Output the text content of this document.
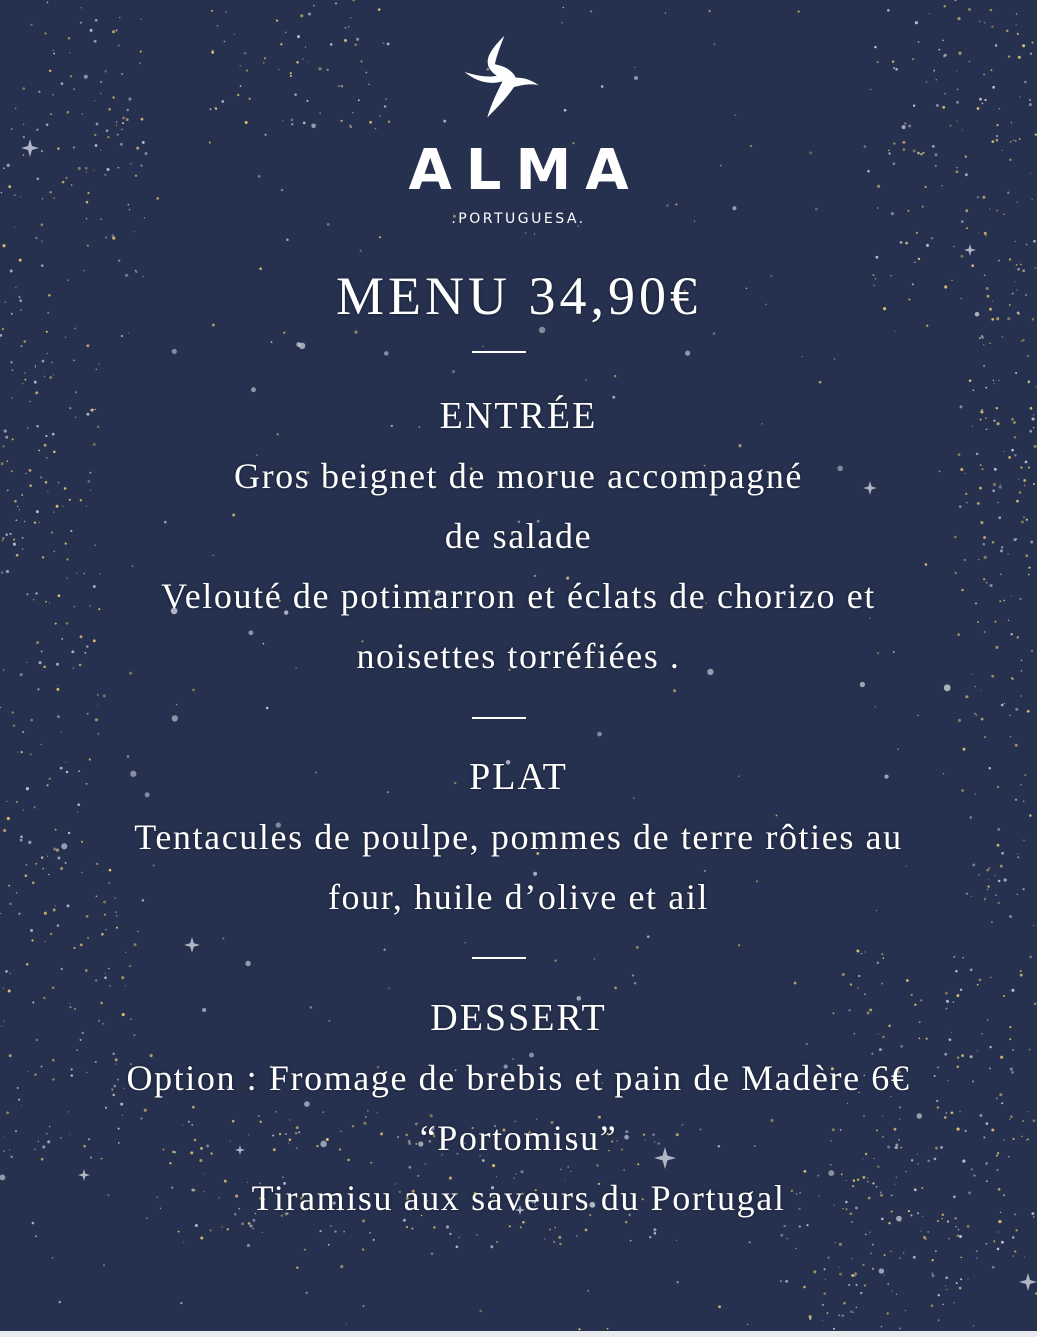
ALMA
.PORTUGUESA.
MENU 34,90€
ENTRÉE
Gros beignet de morue accompagné
de salade
Velouté de potimarron et éclats de chorizo et
noisettes torréfiées .
PLAT
Tentacules de poulpe, pommes de terre rôties au
four, huile d’olive et ail
DESSERT
Option : Fromage de brebis et pain de Madère 6€
“Portomisu”
Tiramisu aux saveurs du Portugal
